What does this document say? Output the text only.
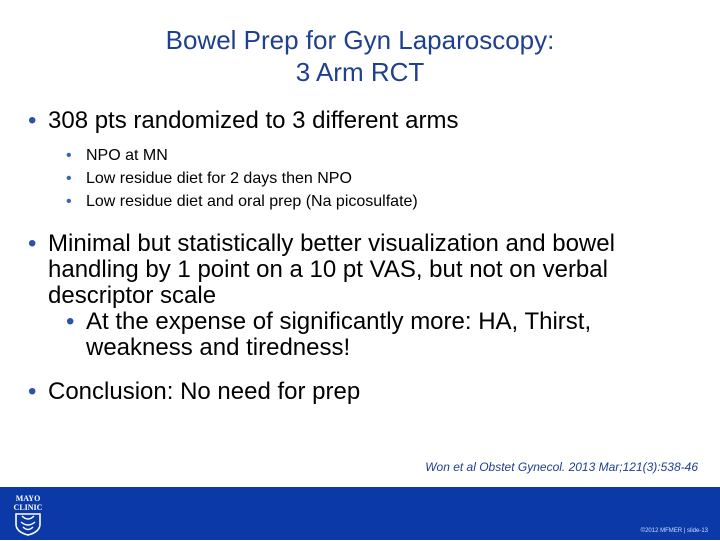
Bowel Prep for Gyn Laparoscopy:
3 Arm RCT
• 308 pts randomized to 3 different arms
• NPO at MN
• Low residue diet for 2 days then NPO
• Low residue diet and oral prep (Na picosulfate)
• Minimal but statistically better visualization and bowel handling by 1 point on a 10 pt VAS, but not on verbal descriptor scale
• At the expense of significantly more: HA, Thirst, weakness and tiredness!
• Conclusion: No need for prep
Won et al Obstet Gynecol. 2013 Mar;121(3):538-46
MAYO
CLINIC
©2012 MFMER | slide-13
